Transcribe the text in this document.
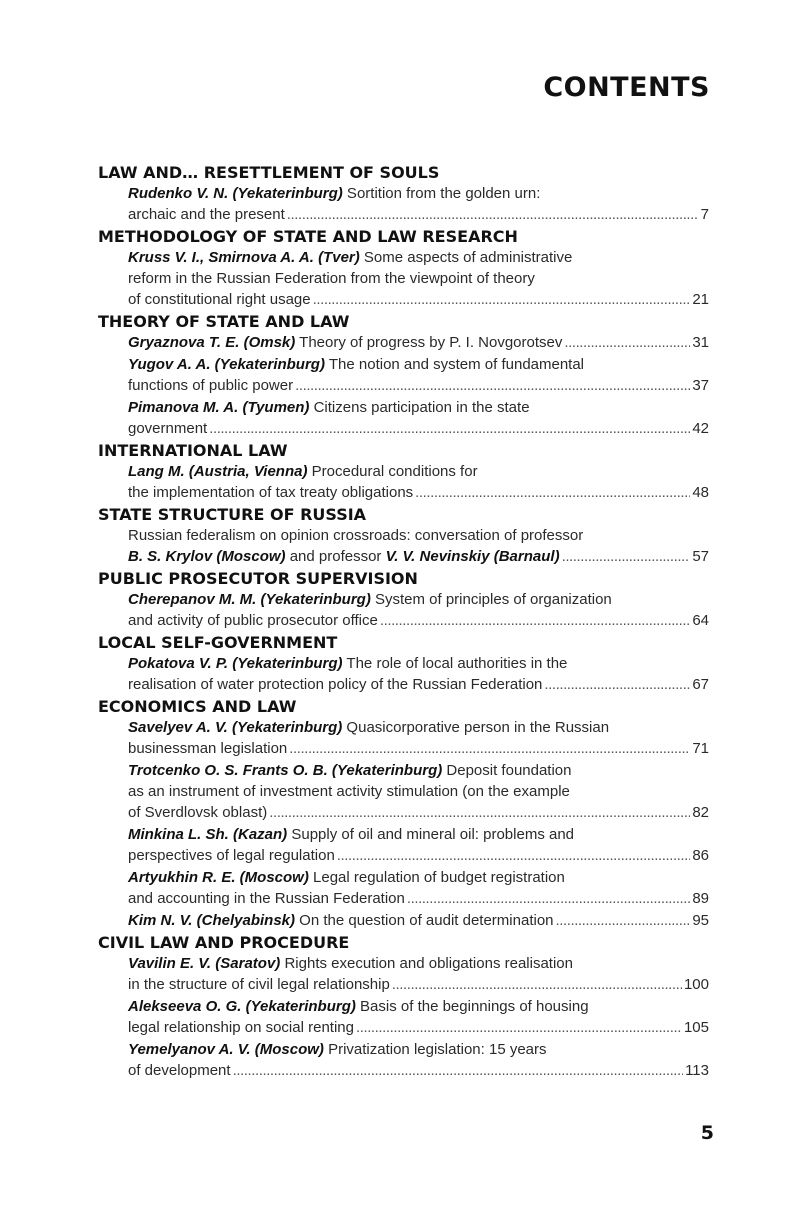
CONTENTS
LAW AND… RESETTLEMENT OF SOULS
Rudenko V. N. (Yekaterinburg) Sortition from the golden urn:
archaic and the present . . .	7
METHODOLOGY OF STATE AND LAW RESEARCH
Kruss V. I., Smirnova A. A. (Tver) Some aspects of administrative
reform in the Russian Federation from the viewpoint of theory
of constitutional right usage . . .	21
THEORY OF STATE AND LAW
Gryaznova T. E. (Omsk) Theory of progress by P. I. Novgorotsev . . .	31
Yugov A. A. (Yekaterinburg) The notion and system of fundamental
functions of public power . . .	37
Pimanova M. A. (Tyumen) Citizens participation in the state
government . . .	42
INTERNATIONAL LAW
Lang M. (Austria, Vienna) Procedural conditions for
the implementation of tax treaty obligations . . .	48
STATE STRUCTURE OF RUSSIA
Russian federalism on opinion crossroads: conversation of professor
B. S. Krylov (Moscow) and professor V. V. Nevinskiy (Barnaul) . . .	57
PUBLIC PROSECUTOR SUPERVISION
Cherepanov M. M. (Yekaterinburg) System of principles of organization
and activity of public prosecutor office . . .	64
LOCAL SELF-GOVERNMENT
Pokatova V. P. (Yekaterinburg) The role of local authorities in the
realisation of water protection policy of the Russian Federation . . .	67
ECONOMICS AND LAW
Savelyev A. V. (Yekaterinburg) Quasicorporative person in the Russian
businessman legislation . . .	71
Trotcenko O. S. Frants O. B. (Yekaterinburg) Deposit foundation
as an instrument of investment activity stimulation (on the example
of Sverdlovsk oblast) . . .	82
Minkina L. Sh. (Kazan) Supply of oil and mineral oil: problems and
perspectives of legal regulation . . .	86
Artyukhin R. E. (Moscow) Legal regulation of budget registration
and accounting in the Russian Federation . . .	89
Kim N. V. (Chelyabinsk) On the question of audit determination . . .	95
CIVIL LAW AND PROCEDURE
Vavilin E. V. (Saratov) Rights execution and obligations realisation
in the structure of civil legal relationship . . .	100
Alekseeva O. G. (Yekaterinburg) Basis of the beginnings of housing
legal relationship on social renting . . .	105
Yemelyanov A. V. (Moscow) Privatization legislation: 15 years
of development . . .	113
5
